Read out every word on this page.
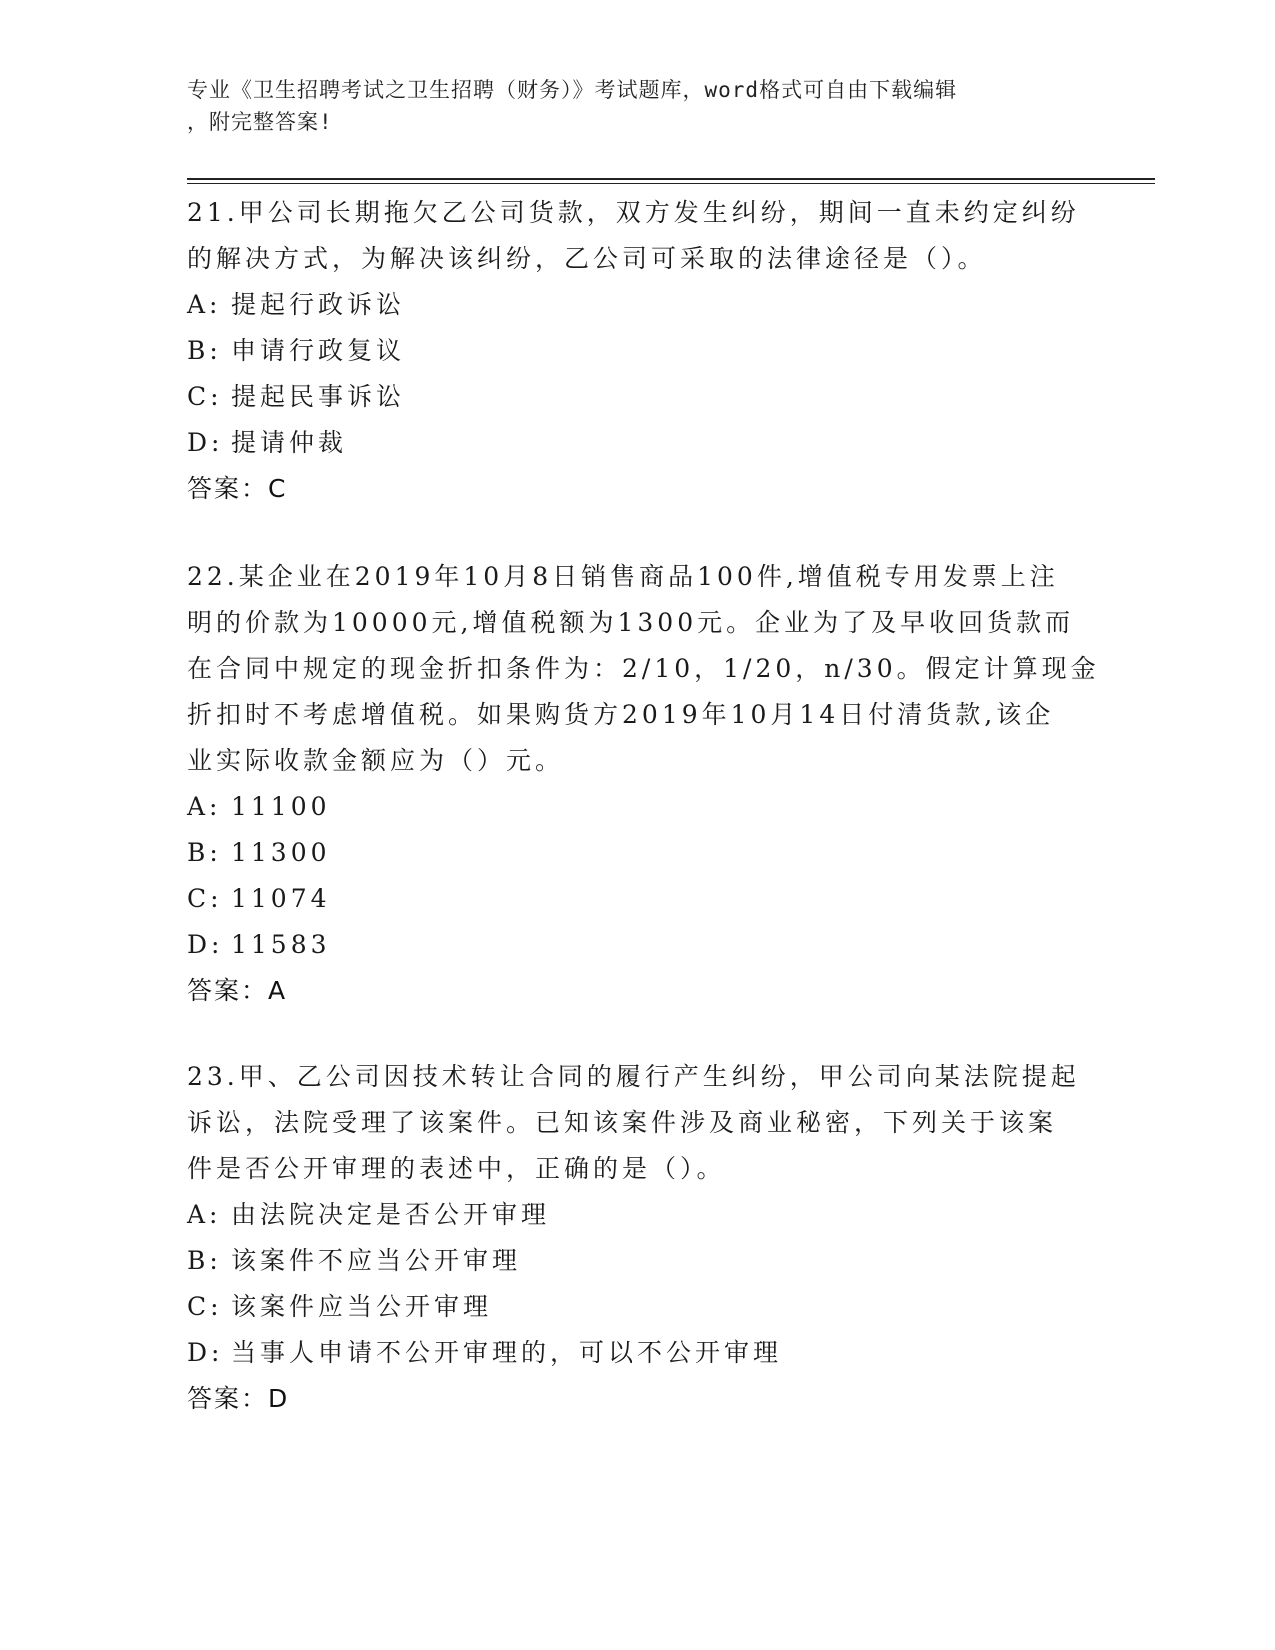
专业《卫生招聘考试之卫生招聘（财务）》考试题库，word格式可自由下载编辑
，附完整答案!
21.甲公司长期拖欠乙公司货款，双方发生纠纷，期间一直未约定纠纷
的解决方式，为解决该纠纷，乙公司可采取的法律途径是（）。
A: 提起行政诉讼
B: 申请行政复议
C: 提起民事诉讼
D: 提请仲裁
答案：C
22.某企业在2019年10月8日销售商品100件,增值税专用发票上注
明的价款为10000元,增值税额为1300元。企业为了及早收回货款而
在合同中规定的现金折扣条件为：2/10，1/20，n/30。假定计算现金
折扣时不考虑增值税。如果购货方2019年10月14日付清货款,该企
业实际收款金额应为（）元。
A: 11100
B: 11300
C: 11074
D: 11583
答案：A
23.甲、乙公司因技术转让合同的履行产生纠纷，甲公司向某法院提起
诉讼，法院受理了该案件。已知该案件涉及商业秘密，下列关于该案
件是否公开审理的表述中，正确的是（）。
A: 由法院决定是否公开审理
B: 该案件不应当公开审理
C: 该案件应当公开审理
D: 当事人申请不公开审理的，可以不公开审理
答案：D
